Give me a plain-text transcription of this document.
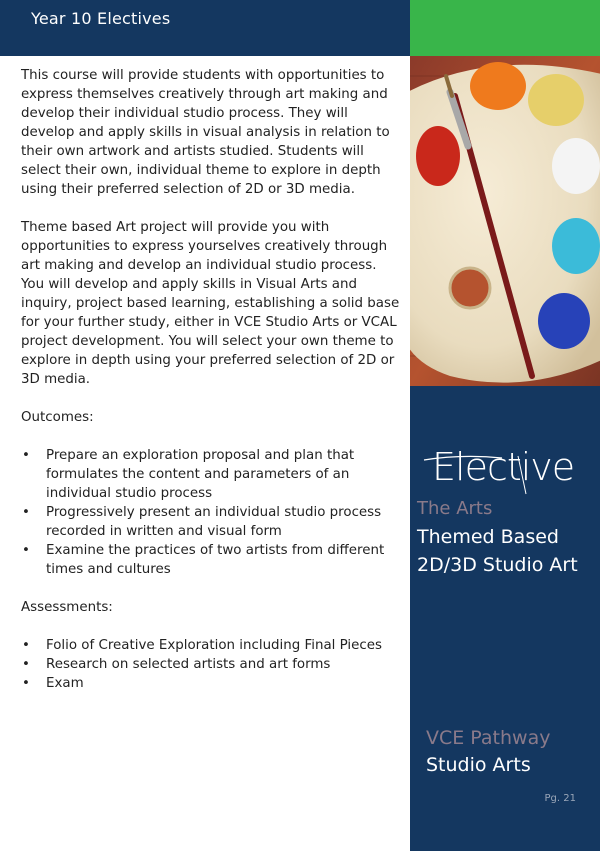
Year 10 Electives

This course will provide students with opportunities to express themselves creatively through art making and develop their individual studio process. They will develop and apply skills in visual analysis in relation to their own artwork and artists studied. Students will select their own, individual theme to explore in depth using their preferred selection of 2D or 3D media.

Theme based Art project will provide you with opportunities to express yourselves creatively through art making and develop an individual studio process. You will develop and apply skills in Visual Arts and inquiry, project based learning, establishing a solid base for your further study, either in VCE Studio Arts or VCAL project development. You will select your own theme to explore in depth using your preferred selection of 2D or 3D media.

Outcomes:

• Prepare an exploration proposal and plan that formulates the content and parameters of an individual studio process
• Progressively present an individual studio process recorded in written and visual form
• Examine the practices of two artists from different times and cultures

Assessments:

• Folio of Creative Exploration including Final Pieces
• Research on selected artists and art forms
• Exam
Elective
The Arts
Themed Based 2D/3D Studio Art
VCE Pathway
Studio Arts
Pg. 21
